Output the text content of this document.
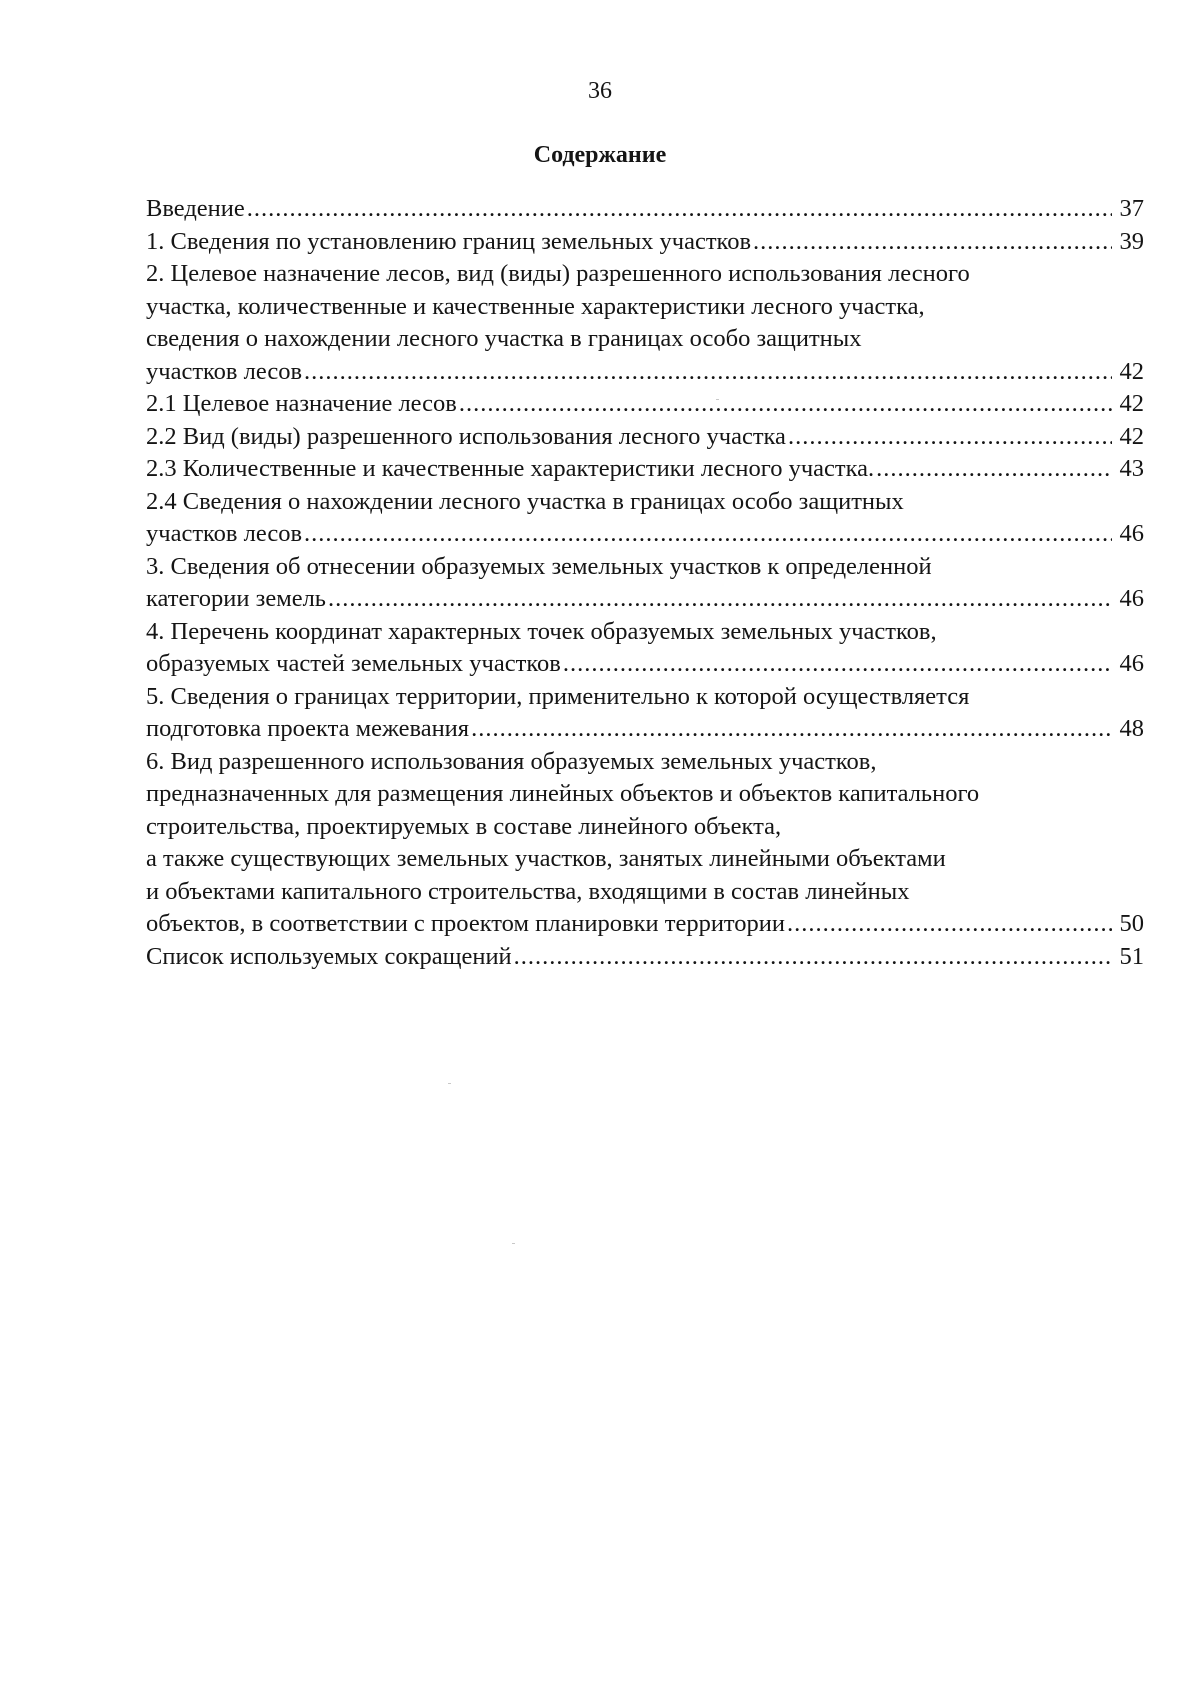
36
Содержание
Введение .....	37
1. Сведения по установлению границ земельных участков .....	39
2. Целевое назначение лесов, вид (виды) разрешенного использования лесного
участка, количественные и качественные характеристики лесного участка,
сведения о нахождении лесного участка в границах особо защитных
участков лесов .....	42
2.1 Целевое назначение лесов .....	42
2.2 Вид (виды) разрешенного использования лесного участка .....	42
2.3 Количественные и качественные характеристики лесного участка. .....	43
2.4 Сведения о нахождении лесного участка в границах особо защитных
участков лесов .....	46
3. Сведения об отнесении образуемых земельных участков к определенной
категории земель .....	46
4. Перечень координат характерных точек образуемых земельных участков,
образуемых частей земельных участков .....	46
5. Сведения о границах территории, применительно к которой осуществляется
подготовка проекта межевания .....	48
6. Вид разрешенного использования образуемых земельных участков,
предназначенных для размещения линейных объектов и объектов капитального
строительства, проектируемых в составе линейного объекта,
а также существующих земельных участков, занятых линейными объектами
и объектами капитального строительства, входящими в состав линейных
объектов, в соответствии с проектом планировки территории .....	50
Список используемых сокращений .....	51
